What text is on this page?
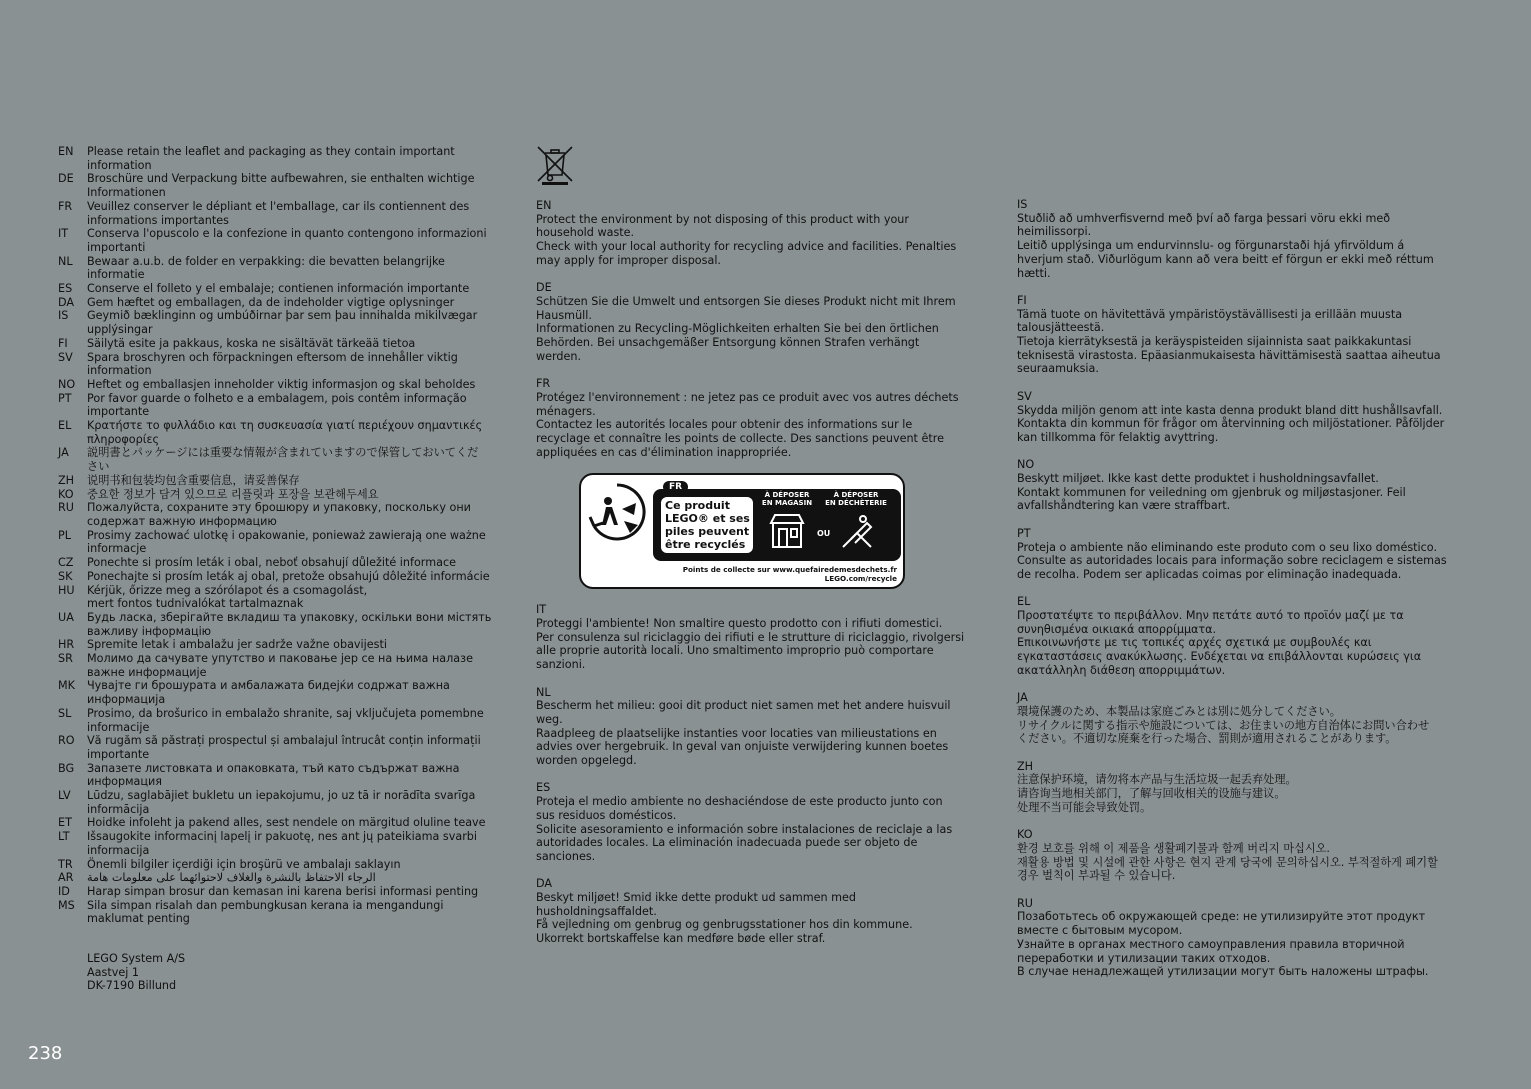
EN	Please retain the leaflet and packaging as they contain important
information
DE	Broschüre und Verpackung bitte aufbewahren, sie enthalten wichtige
Informationen
FR	Veuillez conserver le dépliant et l'emballage, car ils contiennent des
informations importantes
IT	Conserva l'opuscolo e la confezione in quanto contengono informazioni
importanti
NL	Bewaar a.u.b. de folder en verpakking: die bevatten belangrijke
informatie
ES	Conserve el folleto y el embalaje; contienen información importante
DA	Gem hæftet og emballagen, da de indeholder vigtige oplysninger
IS	Geymið bæklinginn og umbúðirnar þar sem þau innihalda mikilvægar
upplýsingar
FI	Säilytä esite ja pakkaus, koska ne sisältävät tärkeää tietoa
SV	Spara broschyren och förpackningen eftersom de innehåller viktig
information
NO	Heftet og emballasjen inneholder viktig informasjon og skal beholdes
PT	Por favor guarde o folheto e a embalagem, pois contêm informação
importante
EL	Κρατήστε το φυλλάδιο και τη συσκευασία γιατί περιέχουν σημαντικές
πληροφορίες
JA	説明書とパッケージには重要な情報が含まれていますので保管しておいてくだ
さい
ZH	说明书和包装均包含重要信息，请妥善保存
KO	중요한 정보가 담겨 있으므로 리플릿과 포장을 보관해두세요
RU	Пожалуйста, сохраните эту брошюру и упаковку, поскольку они
содержат важную информацию
PL	Prosimy zachować ulotkę i opakowanie, ponieważ zawierają one ważne
informacje
CZ	Ponechte si prosím leták i obal, neboť obsahují důležité informace
SK	Ponechajte si prosím leták aj obal, pretože obsahujú dôležité informácie
HU	Kérjük, őrizze meg a szórólapot és a csomagolást,
mert fontos tudnivalókat tartalmaznak
UA	Будь ласка, зберігайте вкладиш та упаковку, оскільки вони містять
важливу інформацію
HR	Spremite letak i ambalažu jer sadrže važne obavijesti
SR	Молимо да сачувате упутство и паковање јер се на њима налазе
важне информације
MK	Чувајте ги брошурата и амбалажата бидејќи содржат важна
информација
SL	Prosimo, da brošurico in embalažo shranite, saj vključujeta pomembne
informacije
RO	Vă rugăm să păstrați prospectul și ambalajul întrucât conțin informații
importante
BG	Запазете листовката и опаковката, тъй като съдържат важна
информация
LV	Lūdzu, saglabājiet bukletu un iepakojumu, jo uz tā ir norādīta svarīga
informācija
ET	Hoidke infoleht ja pakend alles, sest nendele on märgitud oluline teave
LT	Išsaugokite informacinį lapelį ir pakuotę, nes ant jų pateikiama svarbi
informacija
TR	Önemli bilgiler içerdiği için broşürü ve ambalajı saklayın
AR	الرجاء الاحتفاظ بالنشرة والغلاف لاحتوائهما على معلومات هامة
ID	Harap simpan brosur dan kemasan ini karena berisi informasi penting
MS	Sila simpan risalah dan pembungkusan kerana ia mengandungi
maklumat penting
LEGO System A/S
Aastvej 1
DK-7190 Billund
EN
Protect the environment by not disposing of this product with your
household waste.
Check with your local authority for recycling advice and facilities. Penalties
may apply for improper disposal.
DE
Schützen Sie die Umwelt und entsorgen Sie dieses Produkt nicht mit Ihrem
Hausmüll.
Informationen zu Recycling-Möglichkeiten erhalten Sie bei den örtlichen
Behörden. Bei unsachgemäßer Entsorgung können Strafen verhängt
werden.
FR
Protégez l'environnement : ne jetez pas ce produit avec vos autres déchets
ménagers.
Contactez les autorités locales pour obtenir des informations sur le
recyclage et connaître les points de collecte. Des sanctions peuvent être
appliquées en cas d'élimination inappropriée.
FR
Ce produit
LEGO® et ses
piles peuvent
être recyclés
À DÉPOSER
EN MAGASIN
À DÉPOSER
EN DÉCHÈTERIE
OU
Points de collecte sur www.quefairedemesdechets.fr
LEGO.com/recycle
IT
Proteggi l'ambiente! Non smaltire questo prodotto con i rifiuti domestici.
Per consulenza sul riciclaggio dei rifiuti e le strutture di riciclaggio, rivolgersi
alle proprie autorità locali. Uno smaltimento improprio può comportare
sanzioni.
NL
Bescherm het milieu: gooi dit product niet samen met het andere huisvuil
weg.
Raadpleeg de plaatselijke instanties voor locaties van milieustations en
advies over hergebruik. In geval van onjuiste verwijdering kunnen boetes
worden opgelegd.
ES
Proteja el medio ambiente no deshaciéndose de este producto junto con
sus residuos domésticos.
Solicite asesoramiento e información sobre instalaciones de reciclaje a las
autoridades locales. La eliminación inadecuada puede ser objeto de
sanciones.
DA
Beskyt miljøet! Smid ikke dette produkt ud sammen med
husholdningsaffaldet.
Få vejledning om genbrug og genbrugsstationer hos din kommune.
Ukorrekt bortskaffelse kan medføre bøde eller straf.
IS
Stuðlið að umhverfisvernd með því að farga þessari vöru ekki með
heimilissorpi.
Leitið upplýsinga um endurvinnslu- og förgunarstaði hjá yfirvöldum á
hverjum stað. Viðurlögum kann að vera beitt ef förgun er ekki með réttum
hætti.
FI
Tämä tuote on hävitettävä ympäristöystävällisesti ja erillään muusta
talousjätteestä.
Tietoja kierrätyksestä ja keräyspisteiden sijainnista saat paikkakuntasi
teknisestä virastosta. Epäasianmukaisesta hävittämisestä saattaa aiheutua
seuraamuksia.
SV
Skydda miljön genom att inte kasta denna produkt bland ditt hushållsavfall.
Kontakta din kommun för frågor om återvinning och miljöstationer. Påföljder
kan tillkomma för felaktig avyttring.
NO
Beskytt miljøet. Ikke kast dette produktet i husholdningsavfallet.
Kontakt kommunen for veiledning om gjenbruk og miljøstasjoner. Feil
avfallshåndtering kan være straffbart.
PT
Proteja o ambiente não eliminando este produto com o seu lixo doméstico.
Consulte as autoridades locais para informação sobre reciclagem e sistemas
de recolha. Podem ser aplicadas coimas por eliminação inadequada.
EL
Προστατέψτε το περιβάλλον. Μην πετάτε αυτό το προϊόν μαζί με τα
συνηθισμένα οικιακά απορρίμματα.
Επικοινωνήστε με τις τοπικές αρχές σχετικά με συμβουλές και
εγκαταστάσεις ανακύκλωσης. Ενδέχεται να επιβάλλονται κυρώσεις για
ακατάλληλη διάθεση απορριμμάτων.
JA
環境保護のため、本製品は家庭ごみとは別に処分してください。
リサイクルに関する指示や施設については、お住まいの地方自治体にお問い合わせ
ください。不適切な廃棄を行った場合、罰則が適用されることがあります。
ZH
注意保护环境，请勿将本产品与生活垃圾一起丢弃处理。
请咨询当地相关部门，了解与回收相关的设施与建议。
处理不当可能会导致处罚。
KO
환경 보호를 위해 이 제품을 생활폐기물과 함께 버리지 마십시오.
재활용 방법 및 시설에 관한 사항은 현지 관계 당국에 문의하십시오. 부적절하게 폐기할
경우 벌칙이 부과될 수 있습니다.
RU
Позаботьтесь об окружающей среде: не утилизируйте этот продукт
вместе с бытовым мусором.
Узнайте в органах местного самоуправления правила вторичной
переработки и утилизации таких отходов.
В случае ненадлежащей утилизации могут быть наложены штрафы.
238
